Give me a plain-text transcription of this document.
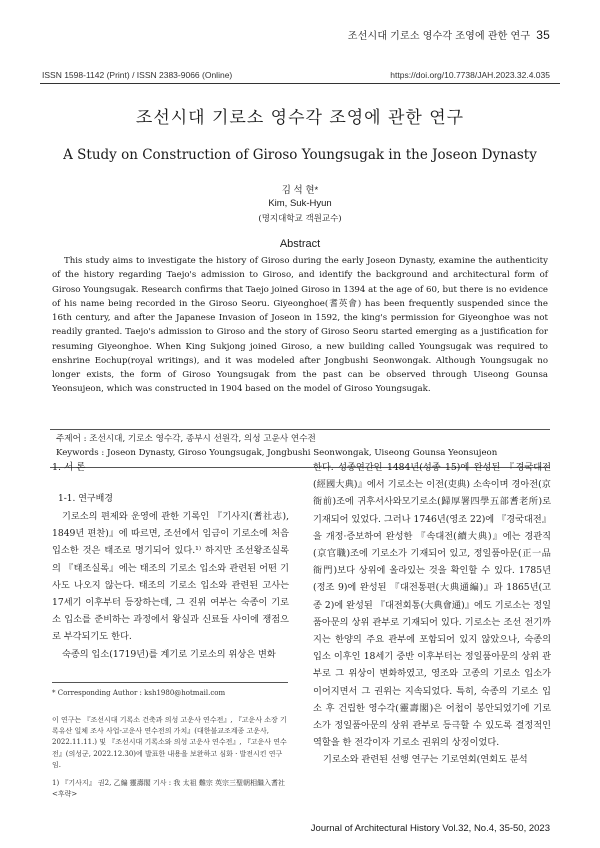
조선시대 기로소 영수각 조영에 관한 연구 35
ISSN 1598-1142 (Print) / ISSN 2383-9066 (Online)	https://doi.org/10.7738/JAH.2023.32.4.035
조선시대 기로소 영수각 조영에 관한 연구
A Study on Construction of Giroso Youngsugak in the Joseon Dynasty
김 석 현*
Kim, Suk-Hyun
(명지대학교 객원교수)
Abstract

This study aims to investigate the history of Giroso during the early Joseon Dynasty, examine the authenticity of the history regarding Taejo's admission to Giroso, and identify the background and architectural form of Giroso Youngsugak. Research confirms that Taejo joined Giroso in 1394 at the age of 60, but there is no evidence of his name being recorded in the Giroso Seoru. Giyeonghoe(耆英會) has been frequently suspended since the 16th century, and after the Japanese Invasion of Joseon in 1592, the king's permission for Giyeonghoe was not readily granted. Taejo's admission to Giroso and the story of Giroso Seoru started emerging as a justification for resuming Giyeonghoe. When King Sukjong joined Giroso, a new building called Youngsugak was required to enshrine Eochup(royal writings), and it was modeled after Jongbushi Seonwongak. Although Youngsugak no longer exists, the form of Giroso Youngsugak from the past can be observed through Uiseong Gounsa Yeonsujeon, which was constructed in 1904 based on the model of Giroso Youngsugak.

주제어 : 조선시대, 기로소 영수각, 종부시 선원각, 의성 고운사 연수전
Keywords : Joseon Dynasty, Giroso Youngsugak, Jongbushi Seonwongak, Uiseong Gounsa Yeonsujeon
1. 서 론
1-1. 연구배경

기로소의 편제와 운영에 관한 기록인 『기사지(耆社志), 1849년 편찬)』에 따르면, 조선에서 임금이 기로소에 처음 입소한 것은 태조로 명기되어 있다.¹⁾ 하지만 조선왕조실록의 『태조실록』에는 태조의 기로소 입소와 관련된 어떤 기사도 나오지 않는다. 태조의 기로소 입소와 관련된 고사는 17세기 이후부터 등장하는데, 그 진위 여부는 숙종이 기로소 입소를 준비하는 과정에서 왕실과 신료들 사이에 쟁점으로 부각되기도 한다.

숙종의 입소(1719년)를 계기로 기로소의 위상은 변화

한다. 성종연간인 1484년(성종 15)에 완성된 『경국대전(經國大典)』에서 기로소는 이전(吏典) 소속이며 경아전(京衙前)조에 귀후서사와모기로소(歸厚署四學五部耆老所)로 기재되어 있었다. 그러나 1746년(영조 22)에 『경국대전』을 개정·증보하여 완성한 『속대전(續大典)』에는 경관직(京官職)조에 기로소가 기재되어 있고, 정일품아문(正一品衙門)보다 상위에 올라있는 것을 확인할 수 있다. 1785년(정조 9)에 완성된 『대전통편(大典通編)』과 1865년(고종 2)에 완성된 『대전회통(大典會通)』에도 기로소는 정일품아문의 상위 관부로 기재되어 있다. 기로소는 조선 전기까지는 한양의 주요 관부에 포함되어 있지 않았으나, 숙종의 입소 이후인 18세기 중반 이후부터는 정일품아문의 상위 관부로 그 위상이 변화하였고, 영조와 고종의 기로소 입소가 이어지면서 그 권위는 지속되었다. 특히, 숙종의 기로소 입소 후 건립한 영수각(靈壽閣)은 어첩이 봉안되었기에 기로소가 정일품아문의 상위 관부로 등극할 수 있도록 결정적인 역할을 한 전각이자 기로소 권위의 상징이었다.

기로소와 관련된 선행 연구는 기로연회(연회도 분석

* Corresponding Author : ksh1980@hotmail.com
이 연구는 『조선시대 기록소 건축과 의성 고운사 연수전』, 『고운사 소장 기록유산 일체 조사 사업-고운사 연수전의 가치』(대한불교조계종 고운사, 2022.11.11.) 및 『조선시대 기록소와 의성 고운사 연수전』, 『고운사 연수전』(의성군, 2022.12.30)에 발표한 내용을 보완하고 심화 · 발전시킨 연구임.
1) 『기사지』 권2, 乙編 靈壽閣 기사 : 我 太祖 難宗 英宗三聖朝相繼入耆社 <후략>
Journal of Architectural History Vol.32, No.4, 35-50, 2023
